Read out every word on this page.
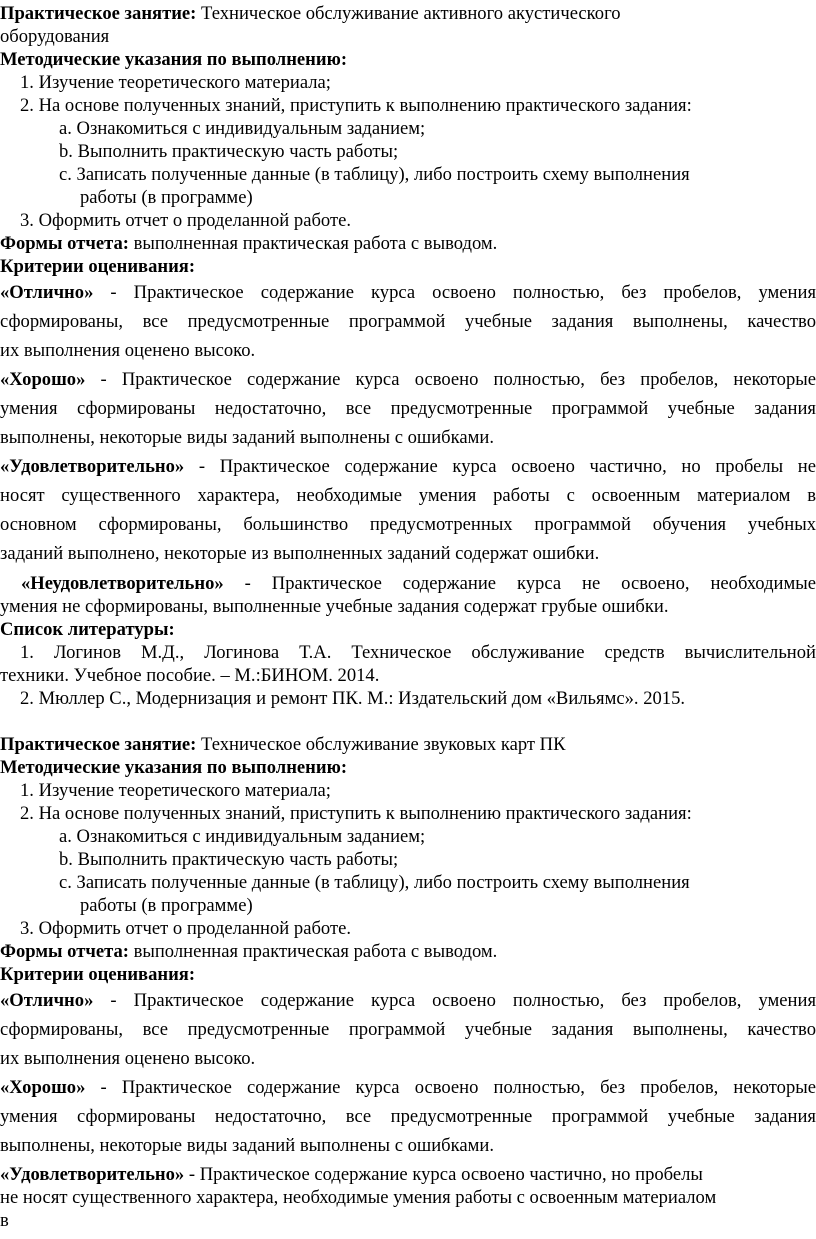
Практическое занятие: Техническое обслуживание активного акустического

оборудования

Методические указания по выполнению:

1. Изучение теоретического материала;

2. На основе полученных знаний, приступить к выполнению практического задания:

a. Ознакомиться с индивидуальным заданием;

b. Выполнить практическую часть работы;

c. Записать полученные данные (в таблицу), либо построить схему выполнения

работы (в программе)

3. Оформить отчет о проделанной работе.

Формы отчета: выполненная практическая работа с выводом.

Критерии оценивания:

«Отлично» - Практическое содержание курса освоено полностью, без пробелов, умения
сформированы, все предусмотренные программой учебные задания выполнены, качество
их выполнения оценено высоко.
«Хорошо» - Практическое содержание курса освоено полностью, без пробелов, некоторые
умения сформированы недостаточно, все предусмотренные программой учебные задания
выполнены, некоторые виды заданий выполнены с ошибками.
«Удовлетворительно» - Практическое содержание курса освоено частично, но пробелы не
носят существенного характера, необходимые умения работы с освоенным материалом в
основном сформированы, большинство предусмотренных программой обучения учебных
заданий выполнено, некоторые из выполненных заданий содержат ошибки.
«Неудовлетворительно» - Практическое содержание курса не освоено, необходимые
умения не сформированы, выполненные учебные задания содержат грубые ошибки.

Список литературы:

1. Логинов М.Д., Логинова Т.А. Техническое обслуживание средств вычислительной
техники. Учебное пособие. – М.:БИНОМ. 2014.

2. Мюллер С., Модернизация и ремонт ПК. М.: Издательский дом «Вильямс». 2015.

Практическое занятие: Техническое обслуживание звуковых карт ПК

Методические указания по выполнению:

1. Изучение теоретического материала;

2. На основе полученных знаний, приступить к выполнению практического задания:

a. Ознакомиться с индивидуальным заданием;

b. Выполнить практическую часть работы;

c. Записать полученные данные (в таблицу), либо построить схему выполнения

работы (в программе)

3. Оформить отчет о проделанной работе.

Формы отчета: выполненная практическая работа с выводом.

Критерии оценивания:

«Отлично» - Практическое содержание курса освоено полностью, без пробелов, умения
сформированы, все предусмотренные программой учебные задания выполнены, качество
их выполнения оценено высоко.
«Хорошо» - Практическое содержание курса освоено полностью, без пробелов, некоторые
умения сформированы недостаточно, все предусмотренные программой учебные задания
выполнены, некоторые виды заданий выполнены с ошибками.
«Удовлетворительно» - Практическое содержание курса освоено частично, но пробелы
не носят существенного характера, необходимые умения работы с освоенным материалом
в
